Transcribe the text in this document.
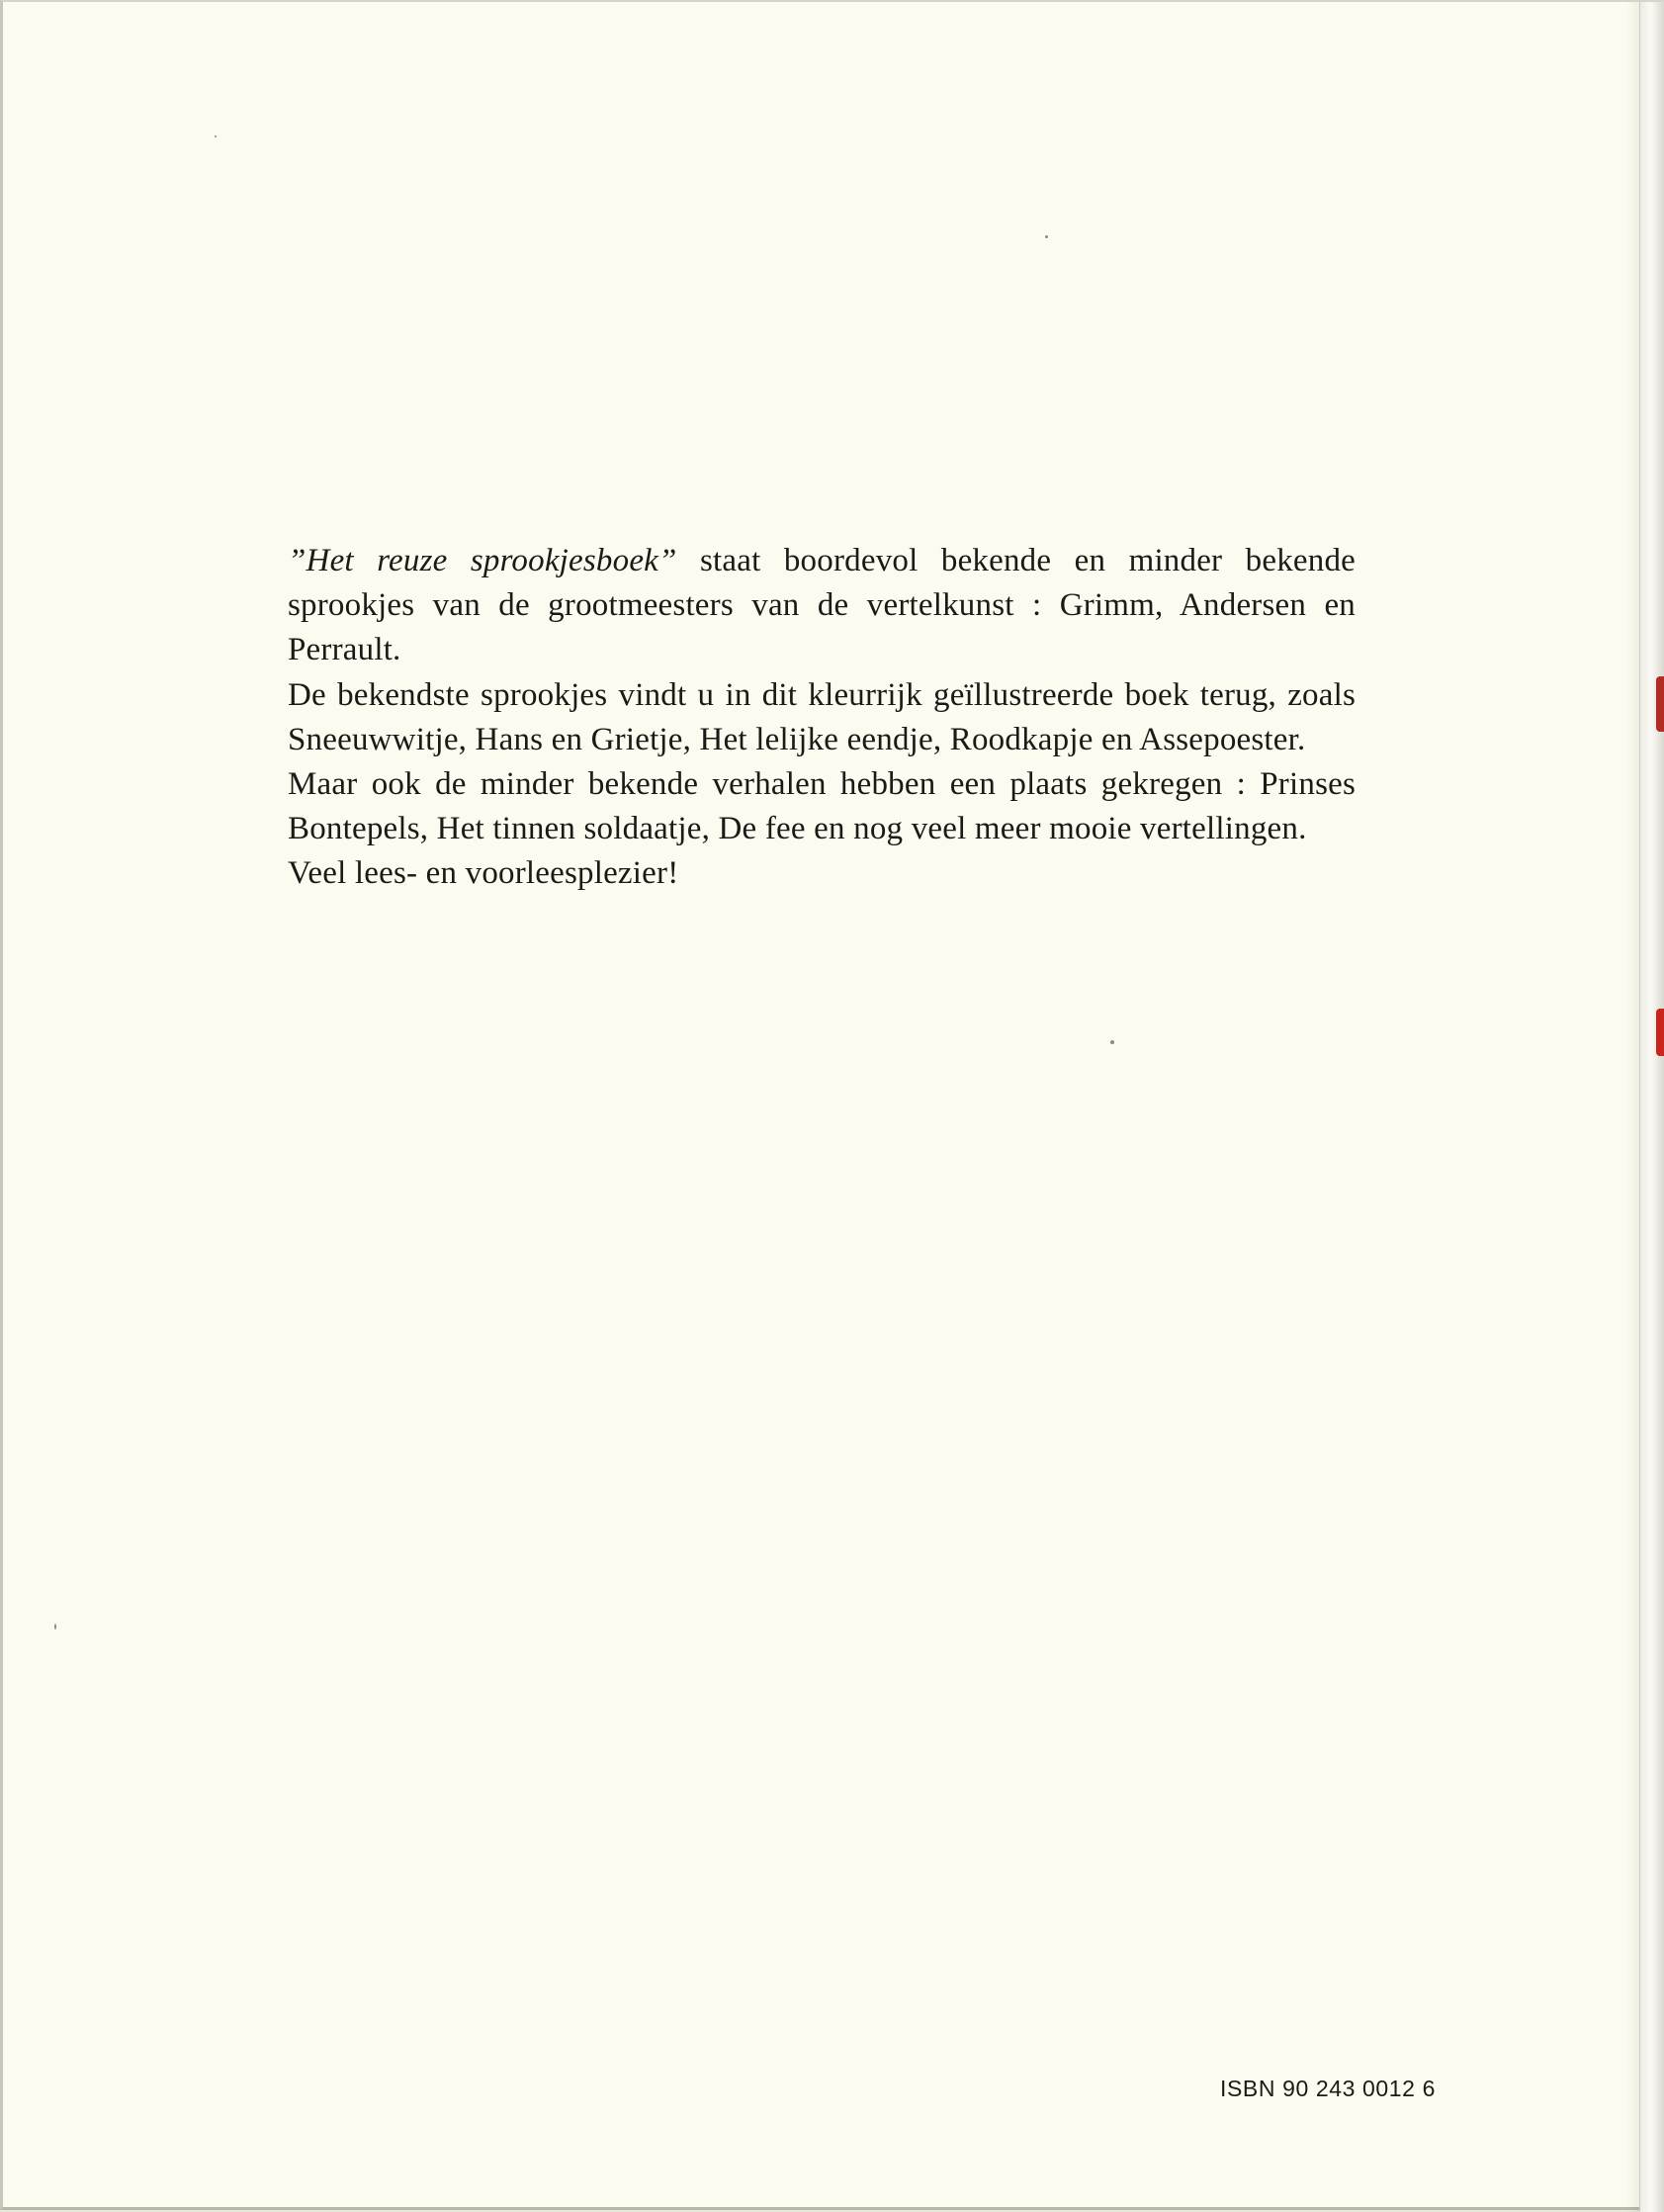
”Het reuze sprookjesboek” staat boordevol bekende en minder bekende sprookjes van de grootmeesters van de vertelkunst : Grimm, Andersen en Perrault.

De bekendste sprookjes vindt u in dit kleurrijk geïllustreerde boek terug, zoals Sneeuwwitje, Hans en Grietje, Het lelijke eendje, Roodkapje en Assepoester.

Maar ook de minder bekende verhalen hebben een plaats gekregen : Prinses Bontepels, Het tinnen soldaatje, De fee en nog veel meer mooie vertellingen.

Veel lees- en voorleesplezier!

ISBN 90 243 0012 6
